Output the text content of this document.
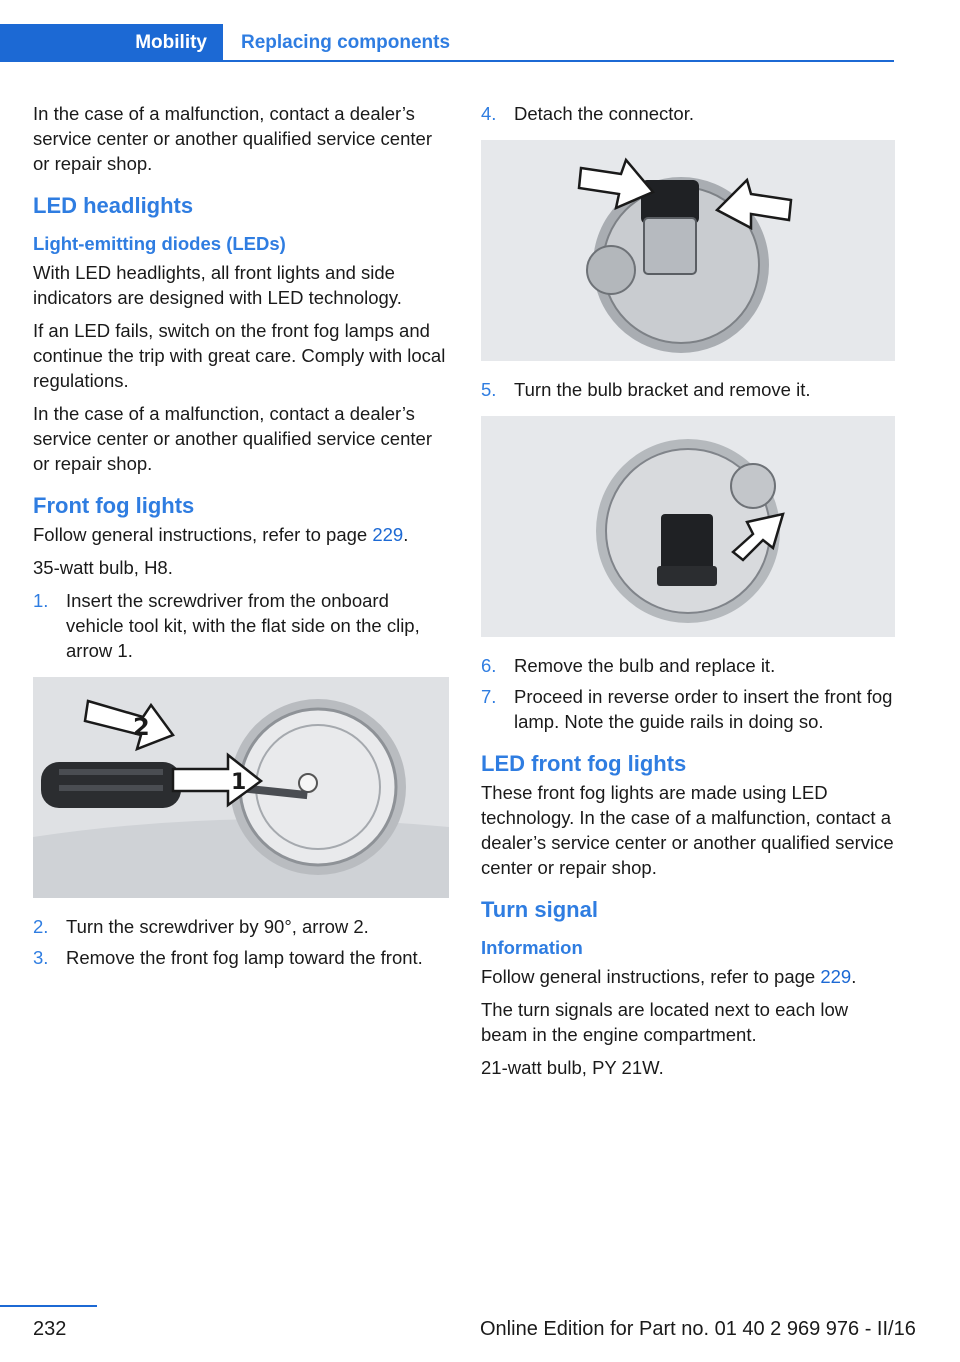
Mobility	Replacing components

In the case of a malfunction, contact a dealer’s service center or another qualified service center or repair shop.

LED headlights
Light-emitting diodes (LEDs)

With LED headlights, all front lights and side indicators are designed with LED technology.

If an LED fails, switch on the front fog lamps and continue the trip with great care. Comply with local regulations.

In the case of a malfunction, contact a dealer’s service center or another qualified service center or repair shop.

Front fog lights

Follow general instructions, refer to page 229.

35-watt bulb, H8.

1. Insert the screwdriver from the onboard vehicle tool kit, with the flat side on the clip, arrow 1.
2
1
2. Turn the screwdriver by 90°, arrow 2.
3. Remove the front fog lamp toward the front.
4. Detach the connector.
5. Turn the bulb bracket and remove it.
6. Remove the bulb and replace it.
7. Proceed in reverse order to insert the front fog lamp. Note the guide rails in doing so.
LED front fog lights

These front fog lights are made using LED technology. In the case of a malfunction, contact a dealer’s service center or another qualified service center or repair shop.

Turn signal
Information

Follow general instructions, refer to page 229.

The turn signals are located next to each low beam in the engine compartment.

21-watt bulb, PY 21W.

232	Online Edition for Part no. 01 40 2 969 976 - II/16
